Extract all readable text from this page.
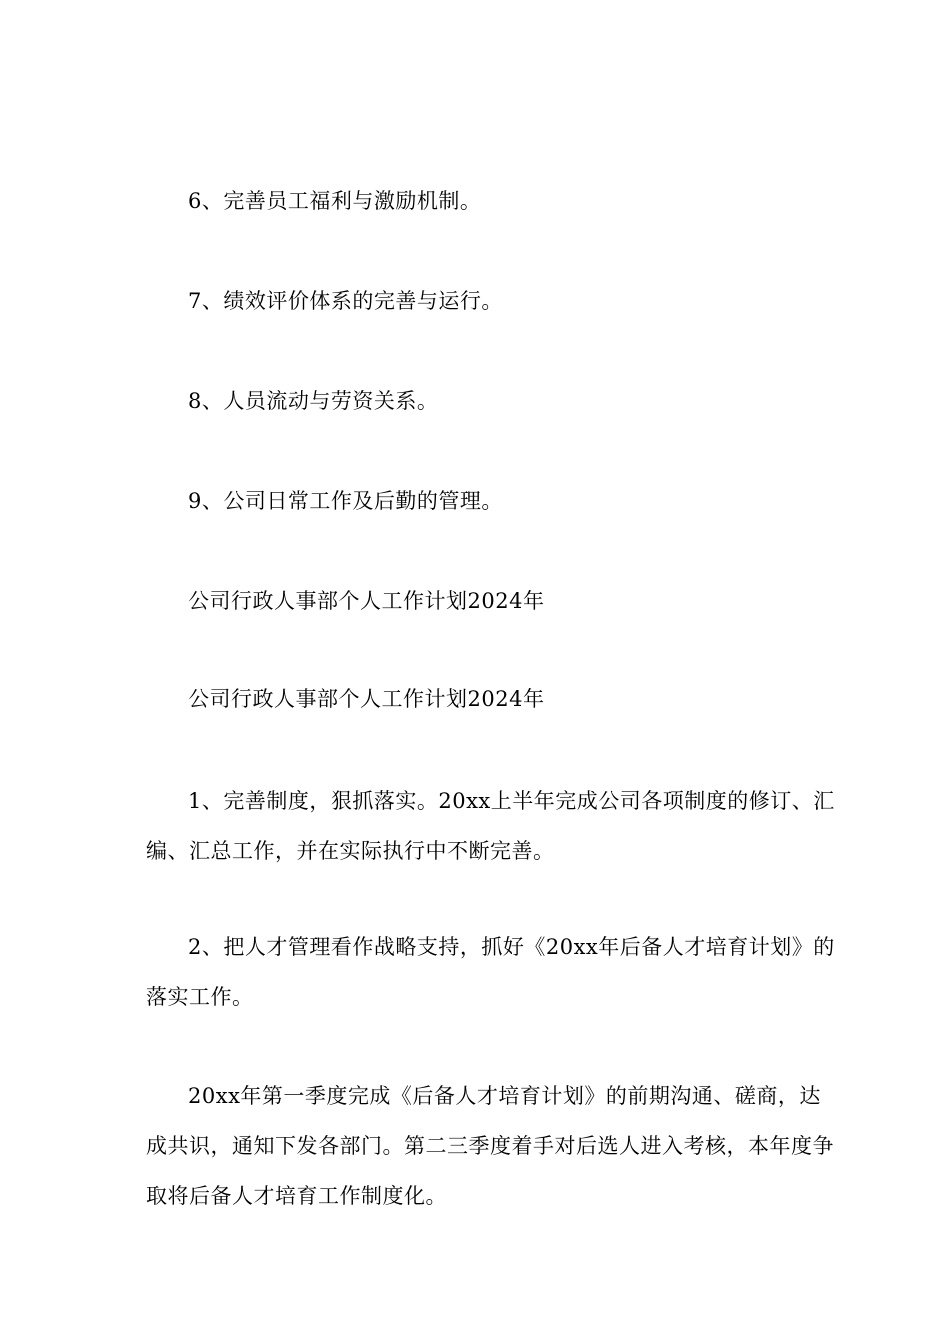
6、完善员工福利与激励机制。

7、绩效评价体系的完善与运行。

8、人员流动与劳资关系。

9、公司日常工作及后勤的管理。

公司行政人事部个人工作计划2024年

公司行政人事部个人工作计划2024年

1、完善制度，狠抓落实。20xx上半年完成公司各项制度的修订、汇编、汇总工作，并在实际执行中不断完善。

2、把人才管理看作战略支持，抓好《20xx年后备人才培育计划》的落实工作。

20xx年第一季度完成《后备人才培育计划》的前期沟通、磋商，达成共识，通知下发各部门。第二三季度着手对后选人进入考核，本年度争取将后备人才培育工作制度化。
